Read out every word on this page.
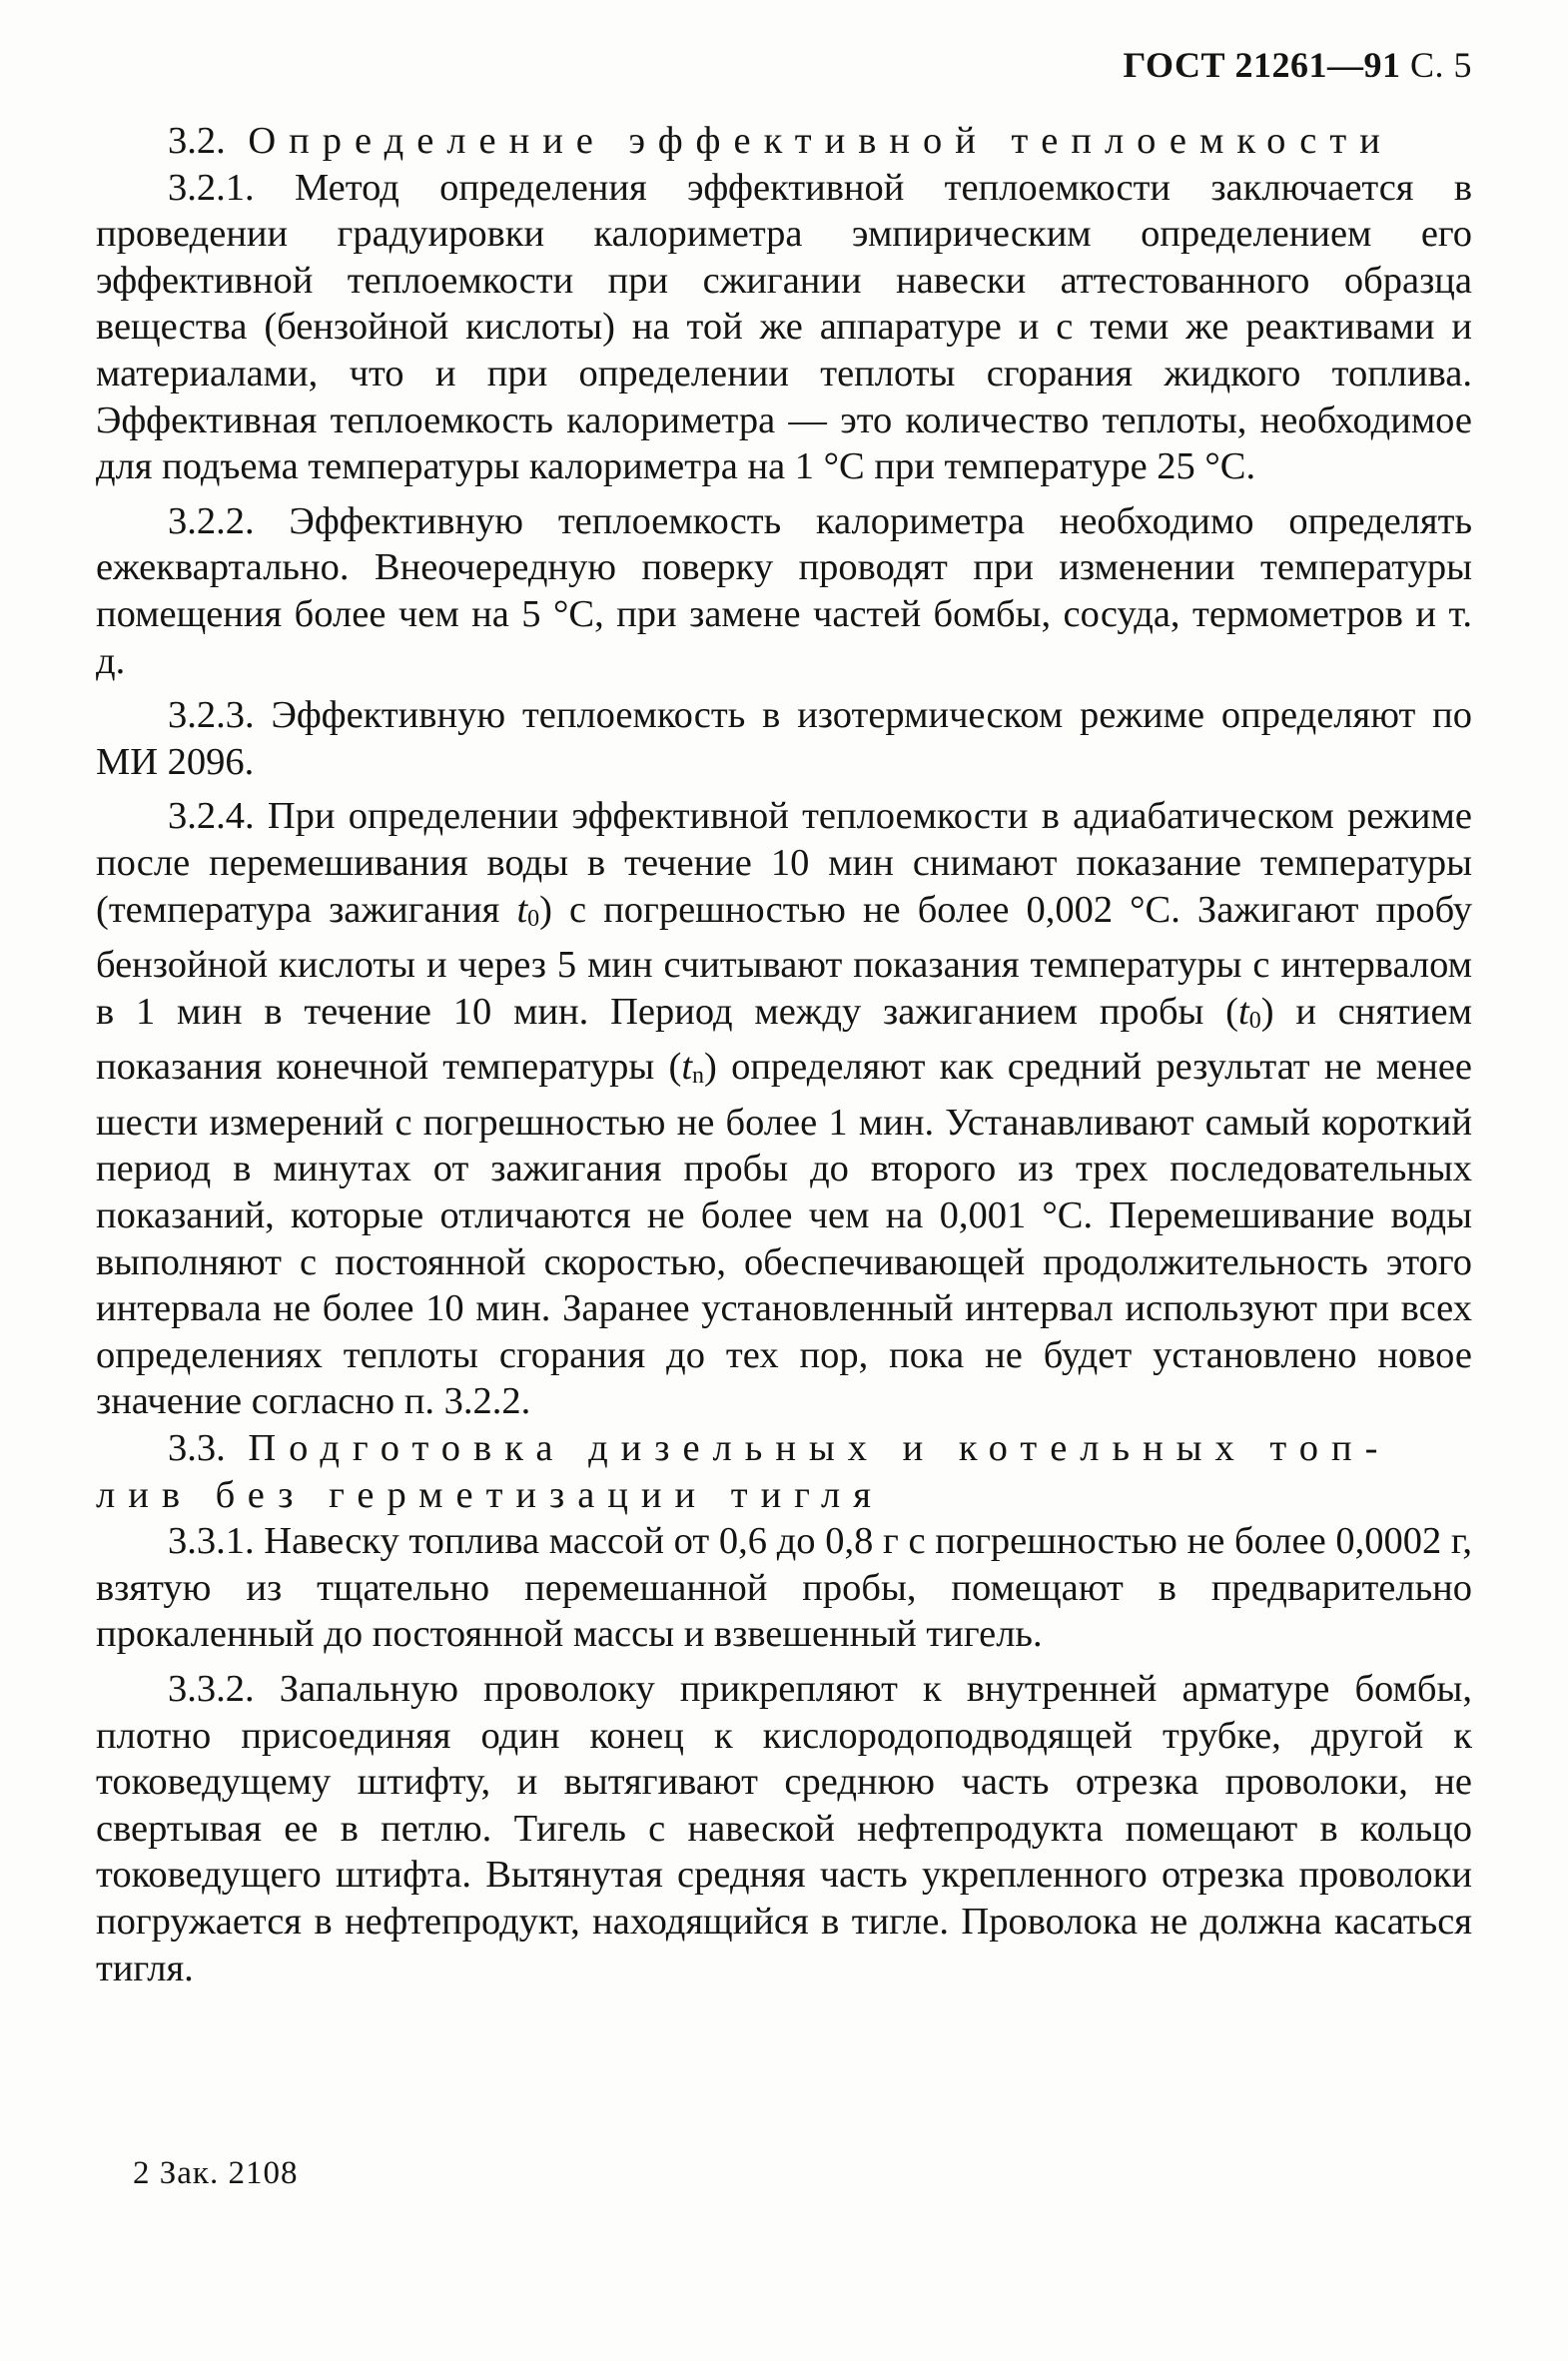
ГОСТ 21261—91 С. 5

3.2. Определение эффективной теплоемкости

3.2.1. Метод определения эффективной теплоемкости заключается в проведении градуировки калориметра эмпирическим определением его эффективной теплоемкости при сжигании навески аттестованного образца вещества (бензойной кислоты) на той же аппаратуре и с теми же реактивами и материалами, что и при определении теплоты сгорания жидкого топлива. Эффективная теплоемкость калориметра — это количество теплоты, необходимое для подъема температуры калориметра на 1 °С при температуре 25 °С.

3.2.2. Эффективную теплоемкость калориметра необходимо определять ежеквартально. Внеочередную поверку проводят при изменении температуры помещения более чем на 5 °С, при замене частей бомбы, сосуда, термометров и т. д.

3.2.3. Эффективную теплоемкость в изотермическом режиме определяют по МИ 2096.

3.2.4. При определении эффективной теплоемкости в адиабатическом режиме после перемешивания воды в течение 10 мин снимают показание температуры (температура зажигания t0) с погрешностью не более 0,002 °С. Зажигают пробу бензойной кислоты и через 5 мин считывают показания температуры с интервалом в 1 мин в течение 10 мин. Период между зажиганием пробы (t0) и снятием показания конечной температуры (tn) определяют как средний результат не менее шести измерений с погрешностью не более 1 мин. Устанавливают самый короткий период в минутах от зажигания пробы до второго из трех последовательных показаний, которые отличаются не более чем на 0,001 °С. Перемешивание воды выполняют с постоянной скоростью, обеспечивающей продолжительность этого интервала не более 10 мин. Заранее установленный интервал используют при всех определениях теплоты сгорания до тех пор, пока не будет установлено новое значение согласно п. 3.2.2.

3.3. Подготовка дизельных и котельных топ-

лив без герметизации тигля

3.3.1. Навеску топлива массой от 0,6 до 0,8 г с погрешностью не более 0,0002 г, взятую из тщательно перемешанной пробы, помещают в предварительно прокаленный до постоянной массы и взвешенный тигель.

3.3.2. Запальную проволоку прикрепляют к внутренней арматуре бомбы, плотно присоединяя один конец к кислородоподводящей трубке, другой к токоведущему штифту, и вытягивают среднюю часть отрезка проволоки, не свертывая ее в петлю. Тигель с навеской нефтепродукта помещают в кольцо токоведущего штифта. Вытянутая средняя часть укрепленного отрезка проволоки погружается в нефтепродукт, находящийся в тигле. Проволока не должна касаться тигля.

2 Зак. 2108
